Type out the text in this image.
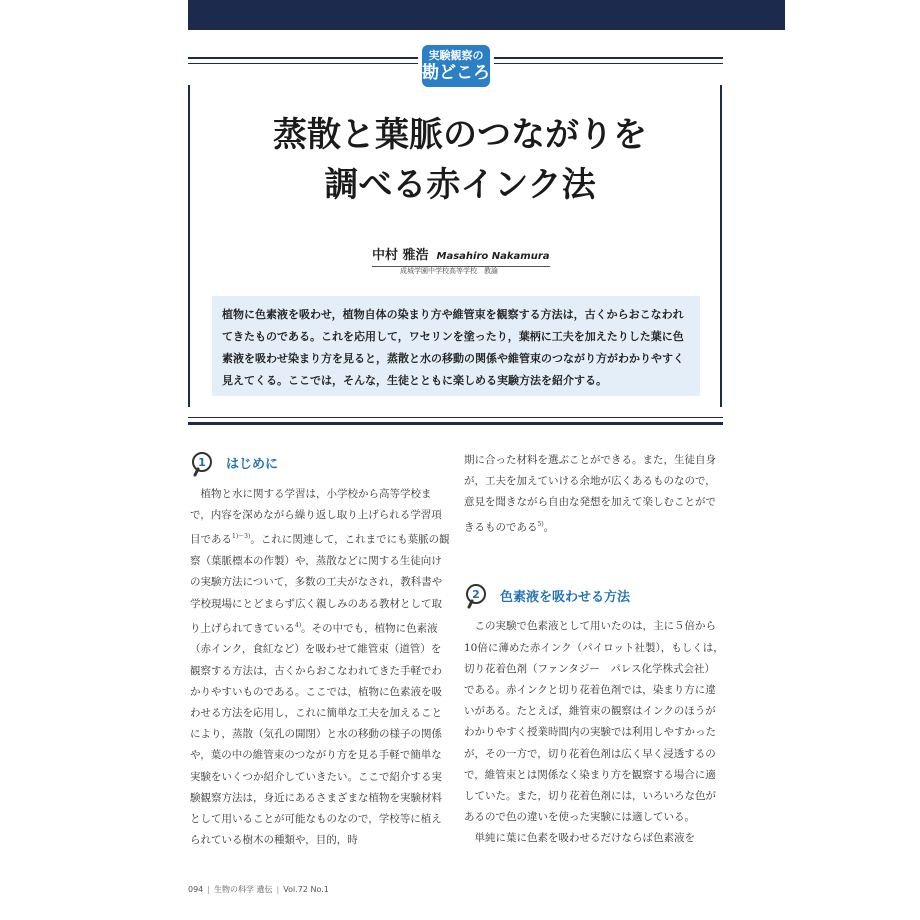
実験観察の
勘どころ
蒸散と葉脈のつながりを
調べる赤インク法
中村 雅浩 Masahiro Nakamura
成城学園中学校高等学校　教諭
植物に色素液を吸わせ，植物自体の染まり方や維管束を観察する方法は，古くからおこなわれてきたものである。これを応用して，ワセリンを塗ったり，葉柄に工夫を加えたりした葉に色素液を吸わせ染まり方を見ると，蒸散と水の移動の関係や維管束のつながり方がわかりやすく見えてくる。ここでは，そんな，生徒とともに楽しめる実験方法を紹介する。
1 はじめに

植物と水に関する学習は，小学校から高等学校まで，内容を深めながら繰り返し取り上げられる学習項目である$^{1)\sim 3)}$。これに関連して，これまでにも葉脈の観察（葉脈標本の作製）や，蒸散などに関する生徒向けの実験方法について，多数の工夫がなされ，教科書や学校現場にとどまらず広く親しみのある教材として取り上げられてきている$^{4)}$。その中でも，植物に色素液（赤インク，食紅など）を吸わせて維管束（道管）を観察する方法は，古くからおこなわれてきた手軽でわかりやすいものである。ここでは，植物に色素液を吸わせる方法を応用し，これに簡単な工夫を加えることにより，蒸散（気孔の開閉）と水の移動の様子の関係や，葉の中の維管束のつながり方を見る手軽で簡単な実験をいくつか紹介していきたい。ここで紹介する実験観察方法は，身近にあるさまざまな植物を実験材料として用いることが可能なものなので，学校等に植えられている樹木の種類や，目的，時

期に合った材料を選ぶことができる。また，生徒自身が，工夫を加えていける余地が広くあるものなので，意見を聞きながら自由な発想を加えて楽しむことができるものである$^{5)}$。

2 色素液を吸わせる方法

この実験で色素液として用いたのは，主に５倍から10倍に薄めた赤インク（パイロット社製），もしくは，切り花着色剤（ファンタジー　パレス化学株式会社）である。赤インクと切り花着色剤では，染まり方に違いがある。たとえば，維管束の観察はインクのほうがわかりやすく授業時間内の実験では利用しやすかったが，その一方で，切り花着色剤は広く早く浸透するので，維管束とは関係なく染まり方を観察する場合に適していた。また，切り花着色剤には，いろいろな色があるので色の違いを使った実験には適している。

単純に葉に色素を吸わせるだけならば色素液を

094 | 生物の科学 遺伝 | Vol.72 No.1
